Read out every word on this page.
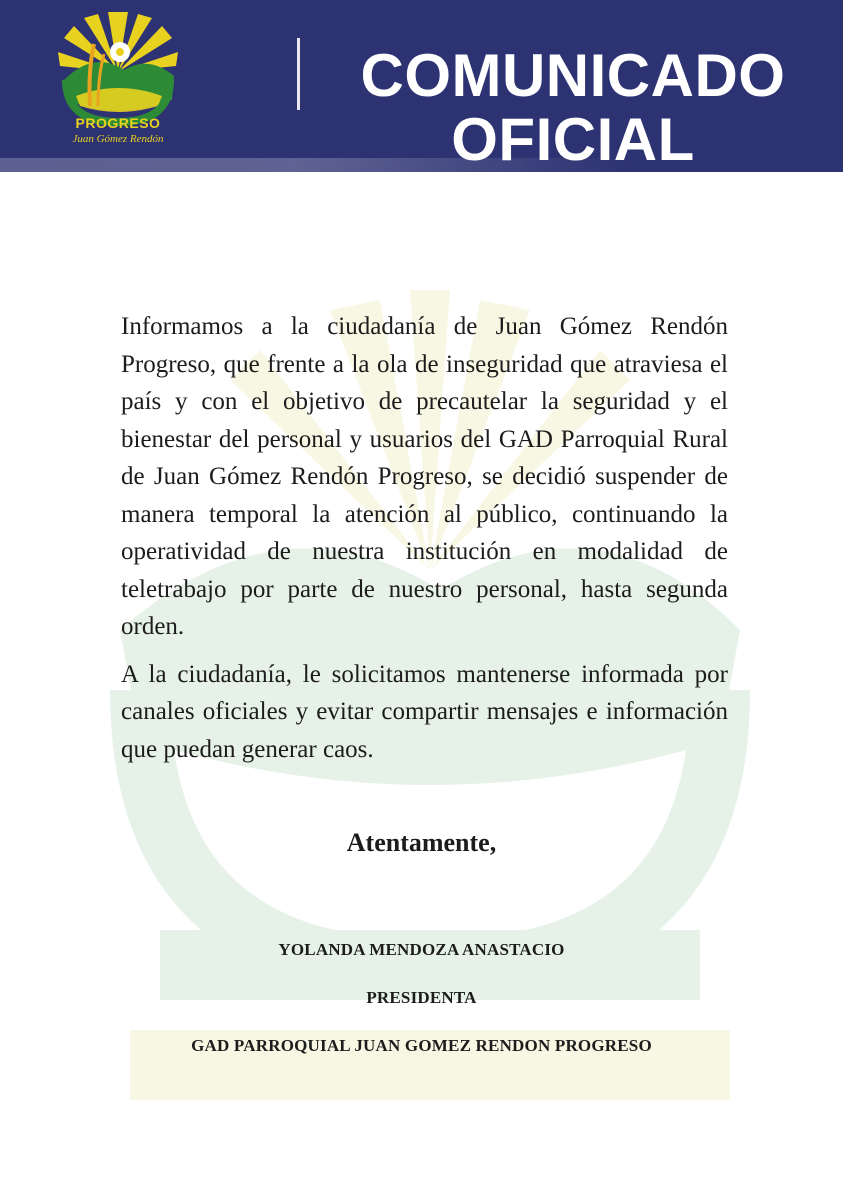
PROGRESO
Juan Gómez Rendón
COMUNICADO
OFICIAL

Informamos a la ciudadanía de Juan Gómez Rendón Progreso, que frente a la ola de inseguridad que atraviesa el país y con el objetivo de precautelar la seguridad y el bienestar del personal y usuarios del GAD Parroquial Rural de Juan Gómez Rendón Progreso, se decidió suspender de manera temporal la atención al público, continuando la operatividad de nuestra institución en modalidad de teletrabajo por parte de nuestro personal, hasta segunda orden.

A la ciudadanía, le solicitamos mantenerse informada por canales oficiales y evitar compartir mensajes e información que puedan generar caos.

Atentamente,
YOLANDA MENDOZA ANASTACIO
PRESIDENTA
GAD PARROQUIAL JUAN GOMEZ RENDON PROGRESO
